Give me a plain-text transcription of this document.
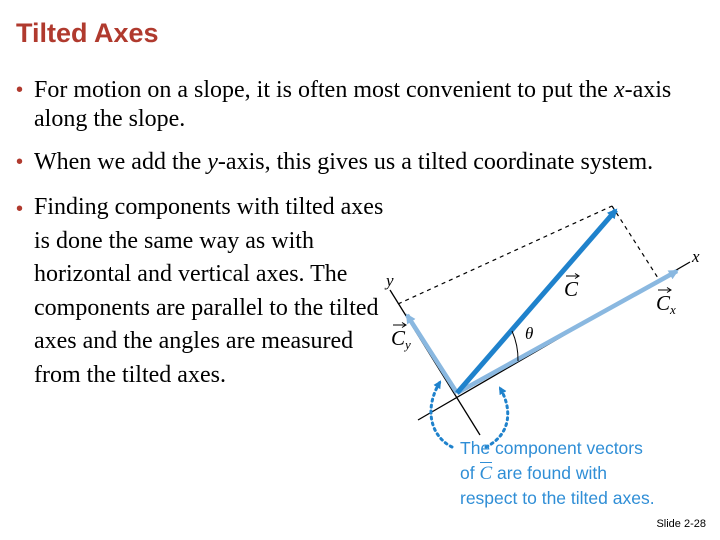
Tilted Axes
• For motion on a slope, it is often most convenient to put the x-axis along the slope.
• When we add the y-axis, this gives us a tilted coordinate system.
• Finding components with tilted axes is done the same way as with horizontal and vertical axes. The components are parallel to the tilted axes and the angles are measured from the tilted axes.
x
y	C
Cx
Cy
θ
The component vectors
of C are found with
respect to the tilted axes.
Slide 2-28
